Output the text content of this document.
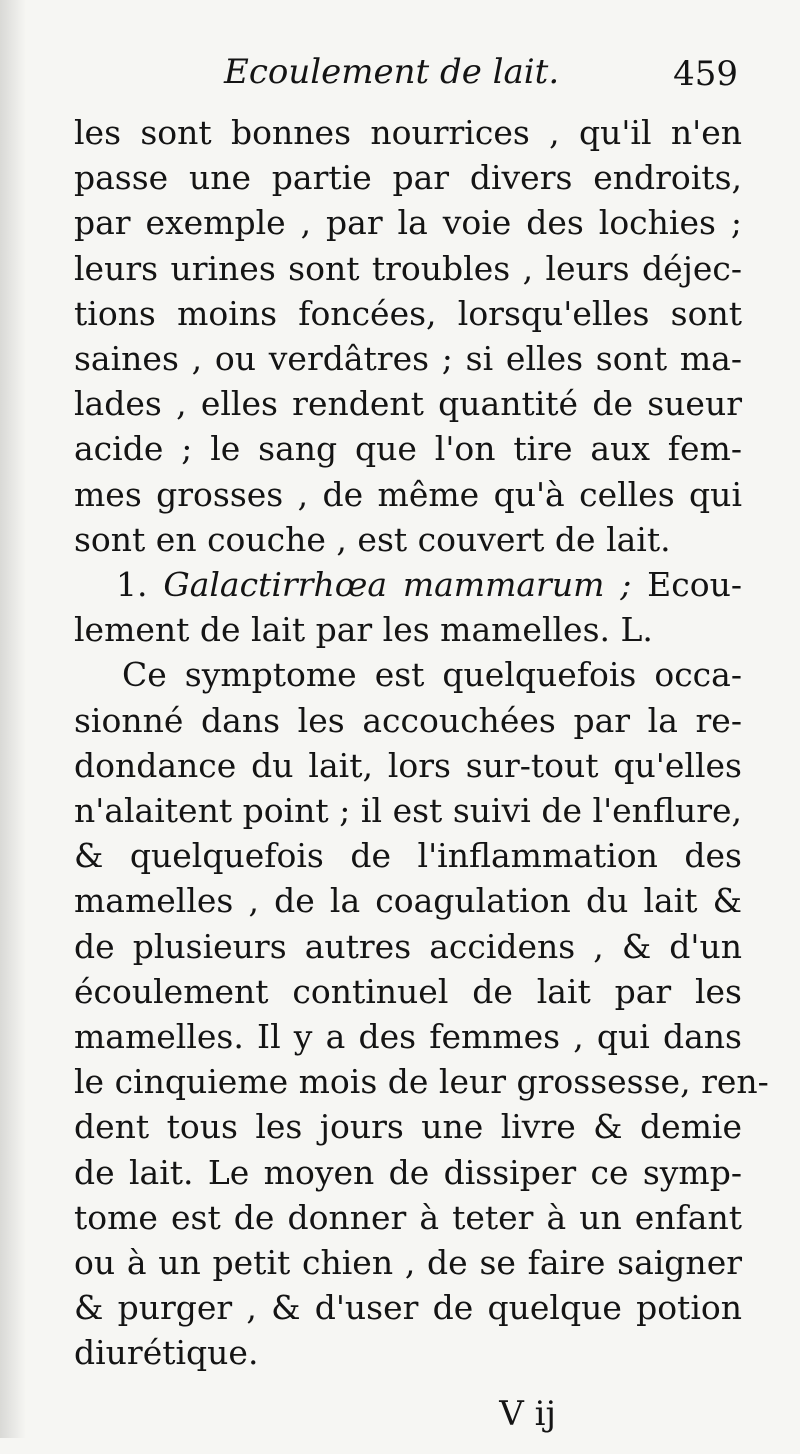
Ecoulement de lait.	459
les sont bonnes nourrices , qu'il n'en
passe une partie par divers endroits,
par exemple , par la voie des lochies ;
leurs urines sont troubles , leurs déjec-
tions moins foncées, lorsqu'elles sont
saines , ou verdâtres ; si elles sont ma-
lades , elles rendent quantité de sueur
acide ; le sang que l'on tire aux fem-
mes grosses , de même qu'à celles qui
sont en couche , est couvert de lait.
1. Galactirrhœa mammarum ; Ecou-
lement de lait par les mamelles. L.
Ce symptome est quelquefois occa-
sionné dans les accouchées par la re-
dondance du lait, lors sur-tout qu'elles
n'alaitent point ; il est suivi de l'enflure,
& quelquefois de l'inflammation des
mamelles , de la coagulation du lait &
de plusieurs autres accidens , & d'un
écoulement continuel de lait par les
mamelles. Il y a des femmes , qui dans
le cinquieme mois de leur grossesse, ren-
dent tous les jours une livre & demie
de lait. Le moyen de dissiper ce symp-
tome est de donner à teter à un enfant
ou à un petit chien , de se faire saigner
& purger , & d'user de quelque potion
diurétique.
V ij
